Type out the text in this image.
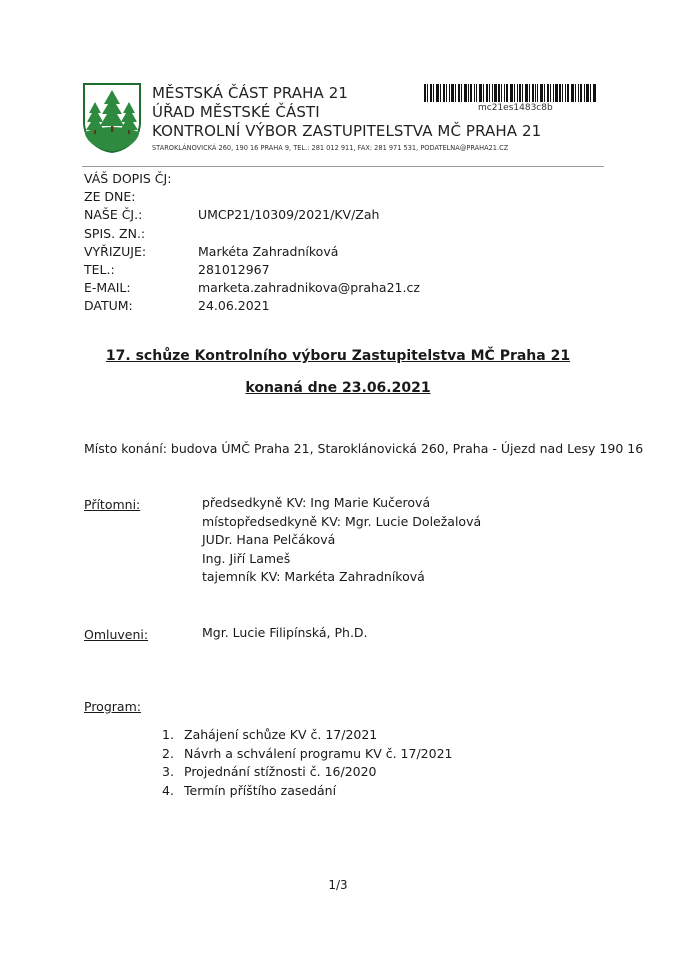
MĚSTSKÁ ČÁST PRAHA 21
ÚŘAD MĚSTSKÉ ČÁSTI
KONTROLNÍ VÝBOR ZASTUPITELSTVA MČ PRAHA 21
STAROKLÁNOVICKÁ 260, 190 16 PRAHA 9, TEL.: 281 012 911, FAX: 281 971 531, PODATELNA@PRAHA21.CZ
mc21es1483c8b
VÁŠ DOPIS ČJ:
ZE DNE:
NAŠE ČJ.:	UMCP21/10309/2021/KV/Zah
SPIS. ZN.:
VYŘIZUJE:	Markéta Zahradníková
TEL.:	281012967
E-MAIL:	marketa.zahradnikova@praha21.cz
DATUM:	24.06.2021
17. schůze Kontrolního výboru Zastupitelstva MČ Praha 21
konaná dne 23.06.2021
Místo konání: budova ÚMČ Praha 21, Staroklánovická 260, Praha - Újezd nad Lesy 190 16
Přítomni:	předsedkyně KV: Ing Marie Kučerová
místopředsedkyně KV: Mgr. Lucie Doležalová
JUDr. Hana Pelčáková
Ing. Jiří Lameš
tajemník KV: Markéta Zahradníková
Omluveni:	Mgr. Lucie Filipínská, Ph.D.
Program:
1. Zahájení schůze KV č. 17/2021
2. Návrh a schválení programu KV č. 17/2021
3. Projednání stížnosti č. 16/2020
4. Termín příštího zasedání
1/3
